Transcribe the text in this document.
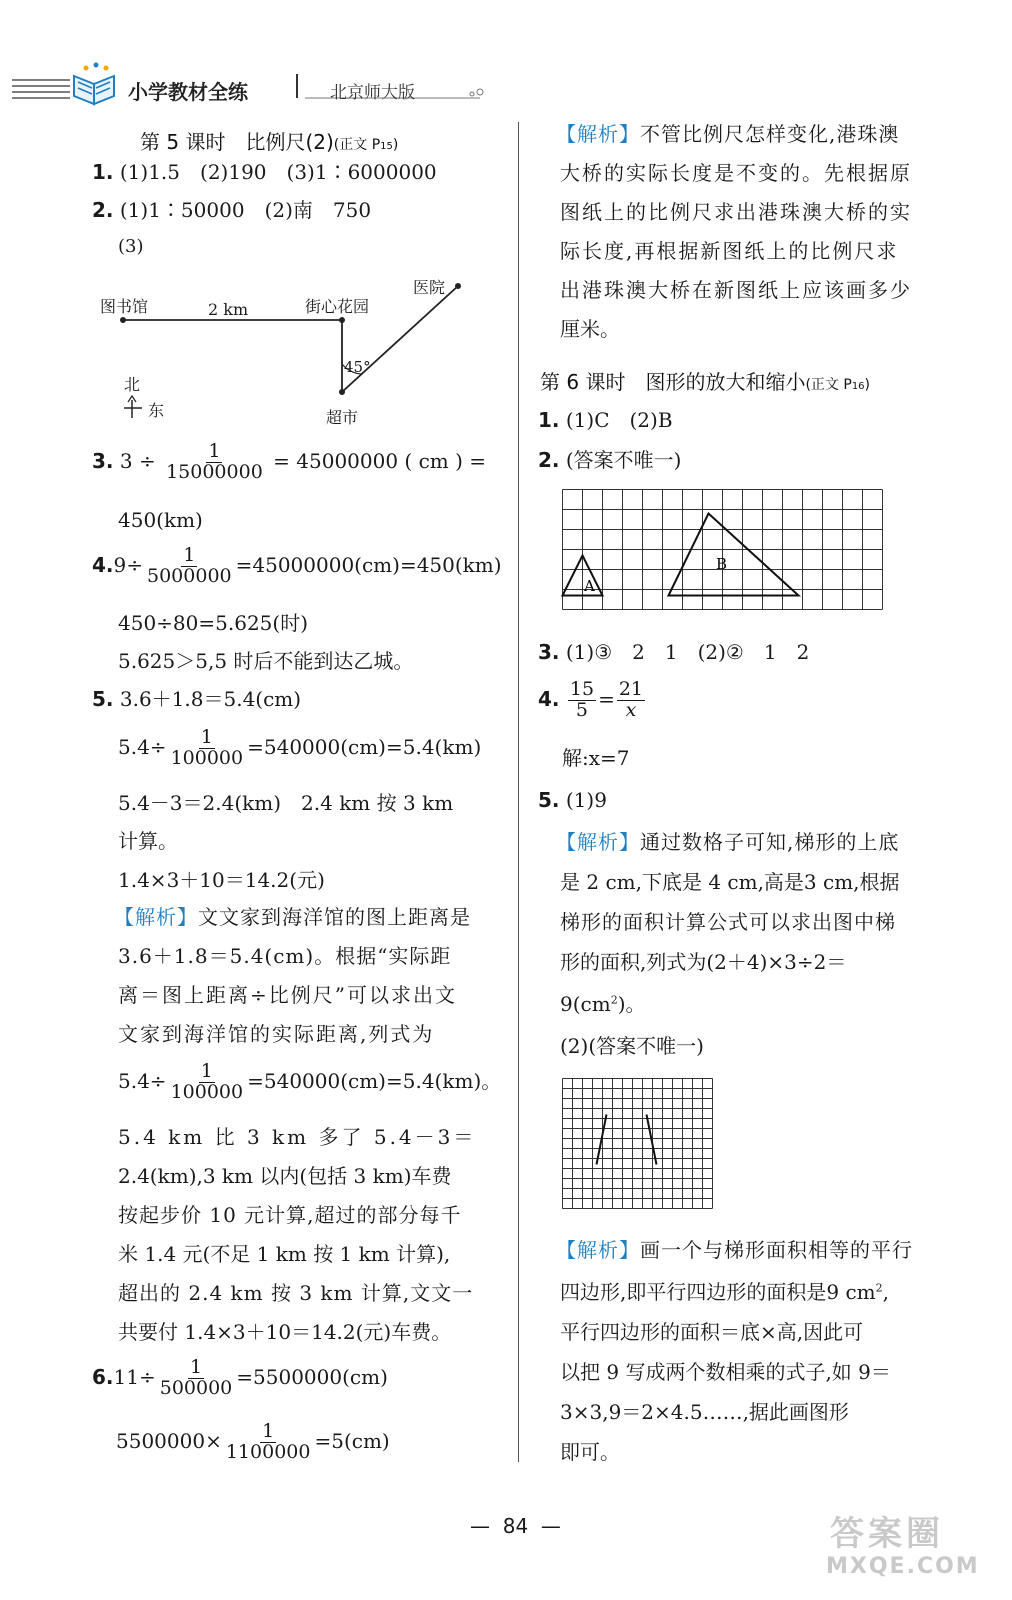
小学教材全练	北京师大版
第 5 课时　比例尺(2)(正文 P15)
1. (1)1.5　(2)190　(3)1∶6000000
2. (1)1∶50000　(2)南　750
(3)
图书馆	2 km	街心花园
医院
45°
北
东	超市
3. $3 \div \frac{1}{15000000} = 45000000$ ( cm ) =
450(km)
$4.9\div \frac{1}{5000000} =45000000(cm)=450(km)$
450÷80=5.625(时)
5.625＞5,5 时后不能到达乙城。
5. 3.6＋1.8＝5.4(cm)
$5.4\div \frac{1}{100000} =540000(cm)=5.4(km)$
5.4－3＝2.4(km)　2.4 km 按 3 km
计算。
1.4×3＋10＝14.2(元)
【解析】文文家到海洋馆的图上距离是
3.6＋1.8＝5.4(cm)。根据“实际距
离＝图上距离÷比例尺”可以求出文
文家到海洋馆的实际距离,列式为
$5.4\div \frac{1}{100000} =540000(cm)=5.4(km)$。
5.4 km 比 3 km 多了 5.4－3＝
2.4(km),3 km 以内(包括 3 km)车费
按起步价 10 元计算,超过的部分每千
米 1.4 元(不足 1 km 按 1 km 计算),
超出的 2.4 km 按 3 km 计算,文文一
共要付 1.4×3＋10＝14.2(元)车费。
$6.11\div \frac{1}{500000} =5500000(cm)$
$5500000\times \frac{1}{1100000} =5(cm)$
【解析】不管比例尺怎样变化,港珠澳
大桥的实际长度是不变的。先根据原
图纸上的比例尺求出港珠澳大桥的实
际长度,再根据新图纸上的比例尺求
出港珠澳大桥在新图纸上应该画多少
厘米。
第 6 课时　图形的放大和缩小(正文 P16)
1. (1)C　(2)B
2. (答案不唯一)
A
B
3. (1)③　2　1　(2)②　1　2
4. $\frac{15}{5} = \frac{21}{x}$
解:x=7
5. (1)9
【解析】通过数格子可知,梯形的上底
是 2 cm,下底是 4 cm,高是3 cm,根据
梯形的面积计算公式可以求出图中梯
形的面积,列式为(2＋4)×3÷2＝
$9(cm^2)$。
(2)(答案不唯一)
【解析】画一个与梯形面积相等的平行
四边形,即平行四边形的面积是9 $cm^2$,
平行四边形的面积＝底×高,因此可
以把 9 写成两个数相乘的式子,如 9＝
3×3,9＝2×4.5……,据此画图形
即可。
— 84 —	答案圈
MXQE.COM
